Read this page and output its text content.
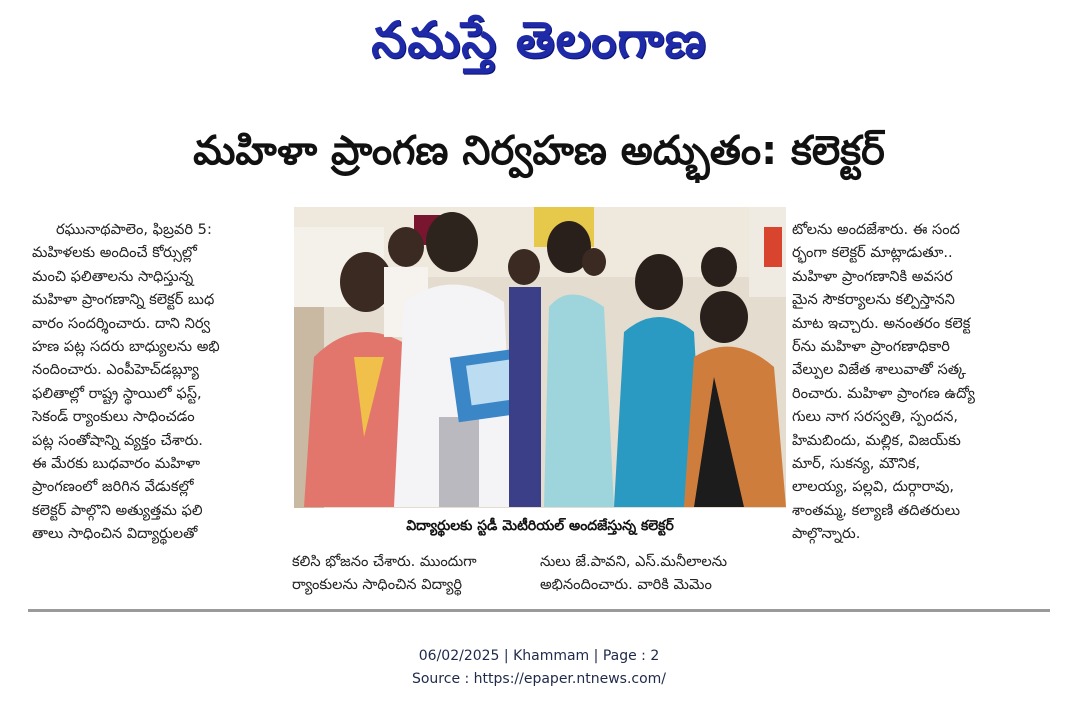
నమస్తే తెలంగాణ
మహిళా ప్రాంగణ నిర్వహణ అద్భుతం: కలెక్టర్
రఘునాథపాలెం, ఫిబ్రవరి 5:
మహిళలకు అందించే కోర్సుల్లో
మంచి ఫలితాలను సాధిస్తున్న
మహిళా ప్రాంగణాన్ని కలెక్టర్ బుధ
వారం సందర్శించారు. దాని నిర్వ
హణ పట్ల సదరు బాధ్యులను అభి
నందించారు. ఎంపీహెచ్‌డబ్ల్యూ
ఫలితాల్లో రాష్ట్ర స్థాయిలో ఫస్ట్,
సెకండ్ ర్యాంకులు సాధించడం
పట్ల సంతోషాన్ని వ్యక్తం చేశారు.
ఈ మేరకు బుధవారం మహిళా
ప్రాంగణంలో జరిగిన వేడుకల్లో
కలెక్టర్ పాల్గొని అత్యుత్తమ ఫలి
తాలు సాధించిన విద్యార్థులతో	విద్యార్థులకు స్టడీ మెటీరియల్ అందజేస్తున్న కలెక్టర్
కలిసి భోజనం చేశారు. ముందుగా
ర్యాంకులను సాధించిన విద్యార్థి
నులు జే.పావని, ఎస్.మనీలాలను
అభినందించారు. వారికి మెమెం
టోలను అందజేశారు. ఈ సంద
ర్భంగా కలెక్టర్ మాట్లాడుతూ..
మహిళా ప్రాంగణానికి అవసర
మైన సౌకర్యాలను కల్పిస్తానని
మాట ఇచ్చారు. అనంతరం కలెక్ట
ర్‌ను మహిళా ప్రాంగణాధికారి
వేల్పుల విజేత శాలువాతో సత్క
రించారు. మహిళా ప్రాంగణ ఉద్యో
గులు నాగ సరస్వతి, స్పందన,
హిమబిందు, మల్లిక, విజయ్‌కు
మార్, సుకన్య, మౌనిక,
లాలయ్య, పల్లవి, దుర్గారావు,
శాంతమ్మ, కల్యాణి తదితరులు
పాల్గొన్నారు.
06/02/2025 | Khammam | Page : 2
Source : https://epaper.ntnews.com/
